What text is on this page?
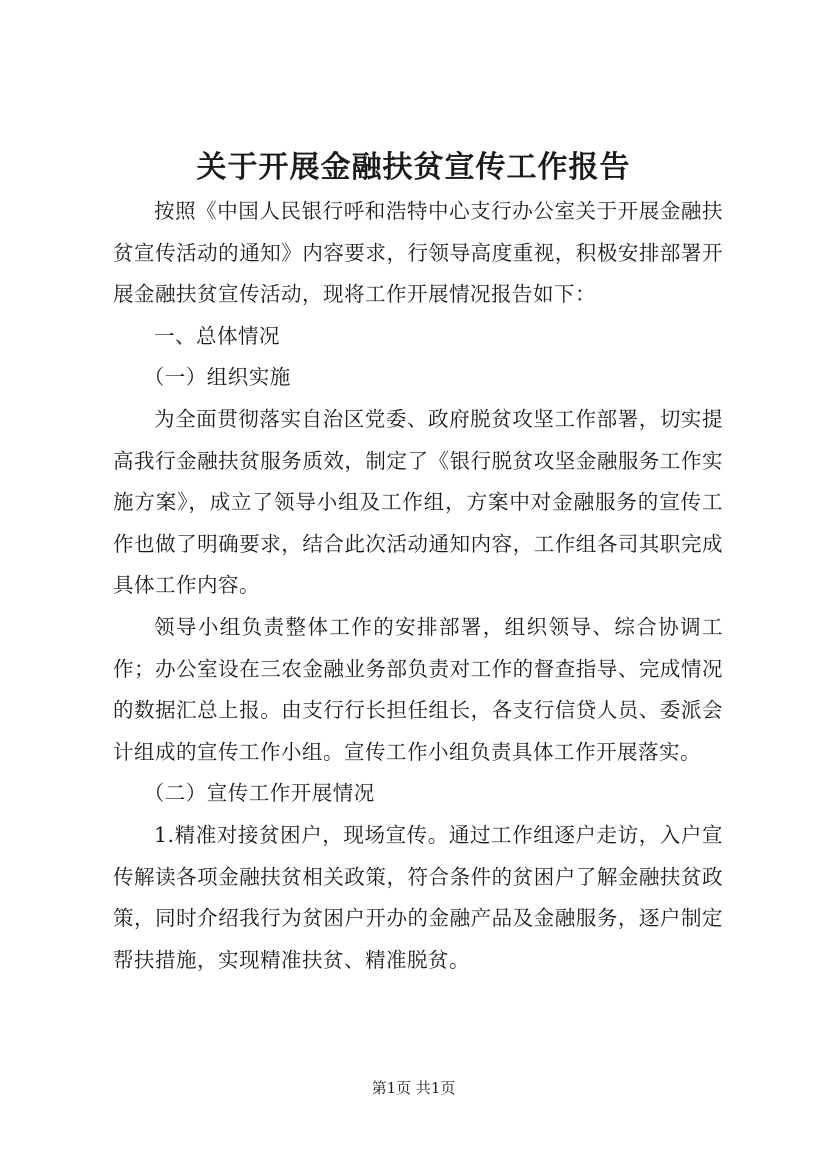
关于开展金融扶贫宣传工作报告

按照《中国人民银行呼和浩特中心支行办公室关于开展金融扶贫宣传活动的通知》内容要求，行领导高度重视，积极安排部署开展金融扶贫宣传活动，现将工作开展情况报告如下：

一、总体情况

（一）组织实施

为全面贯彻落实自治区党委、政府脱贫攻坚工作部署，切实提高我行金融扶贫服务质效，制定了《银行脱贫攻坚金融服务工作实施方案》，成立了领导小组及工作组，方案中对金融服务的宣传工作也做了明确要求，结合此次活动通知内容，工作组各司其职完成具体工作内容。

领导小组负责整体工作的安排部署，组织领导、综合协调工作；办公室设在三农金融业务部负责对工作的督查指导、完成情况的数据汇总上报。由支行行长担任组长，各支行信贷人员、委派会计组成的宣传工作小组。宣传工作小组负责具体工作开展落实。

（二）宣传工作开展情况

1.精准对接贫困户，现场宣传。通过工作组逐户走访，入户宣传解读各项金融扶贫相关政策，符合条件的贫困户了解金融扶贫政策，同时介绍我行为贫困户开办的金融产品及金融服务，逐户制定帮扶措施，实现精准扶贫、精准脱贫。

第1页 共1页
